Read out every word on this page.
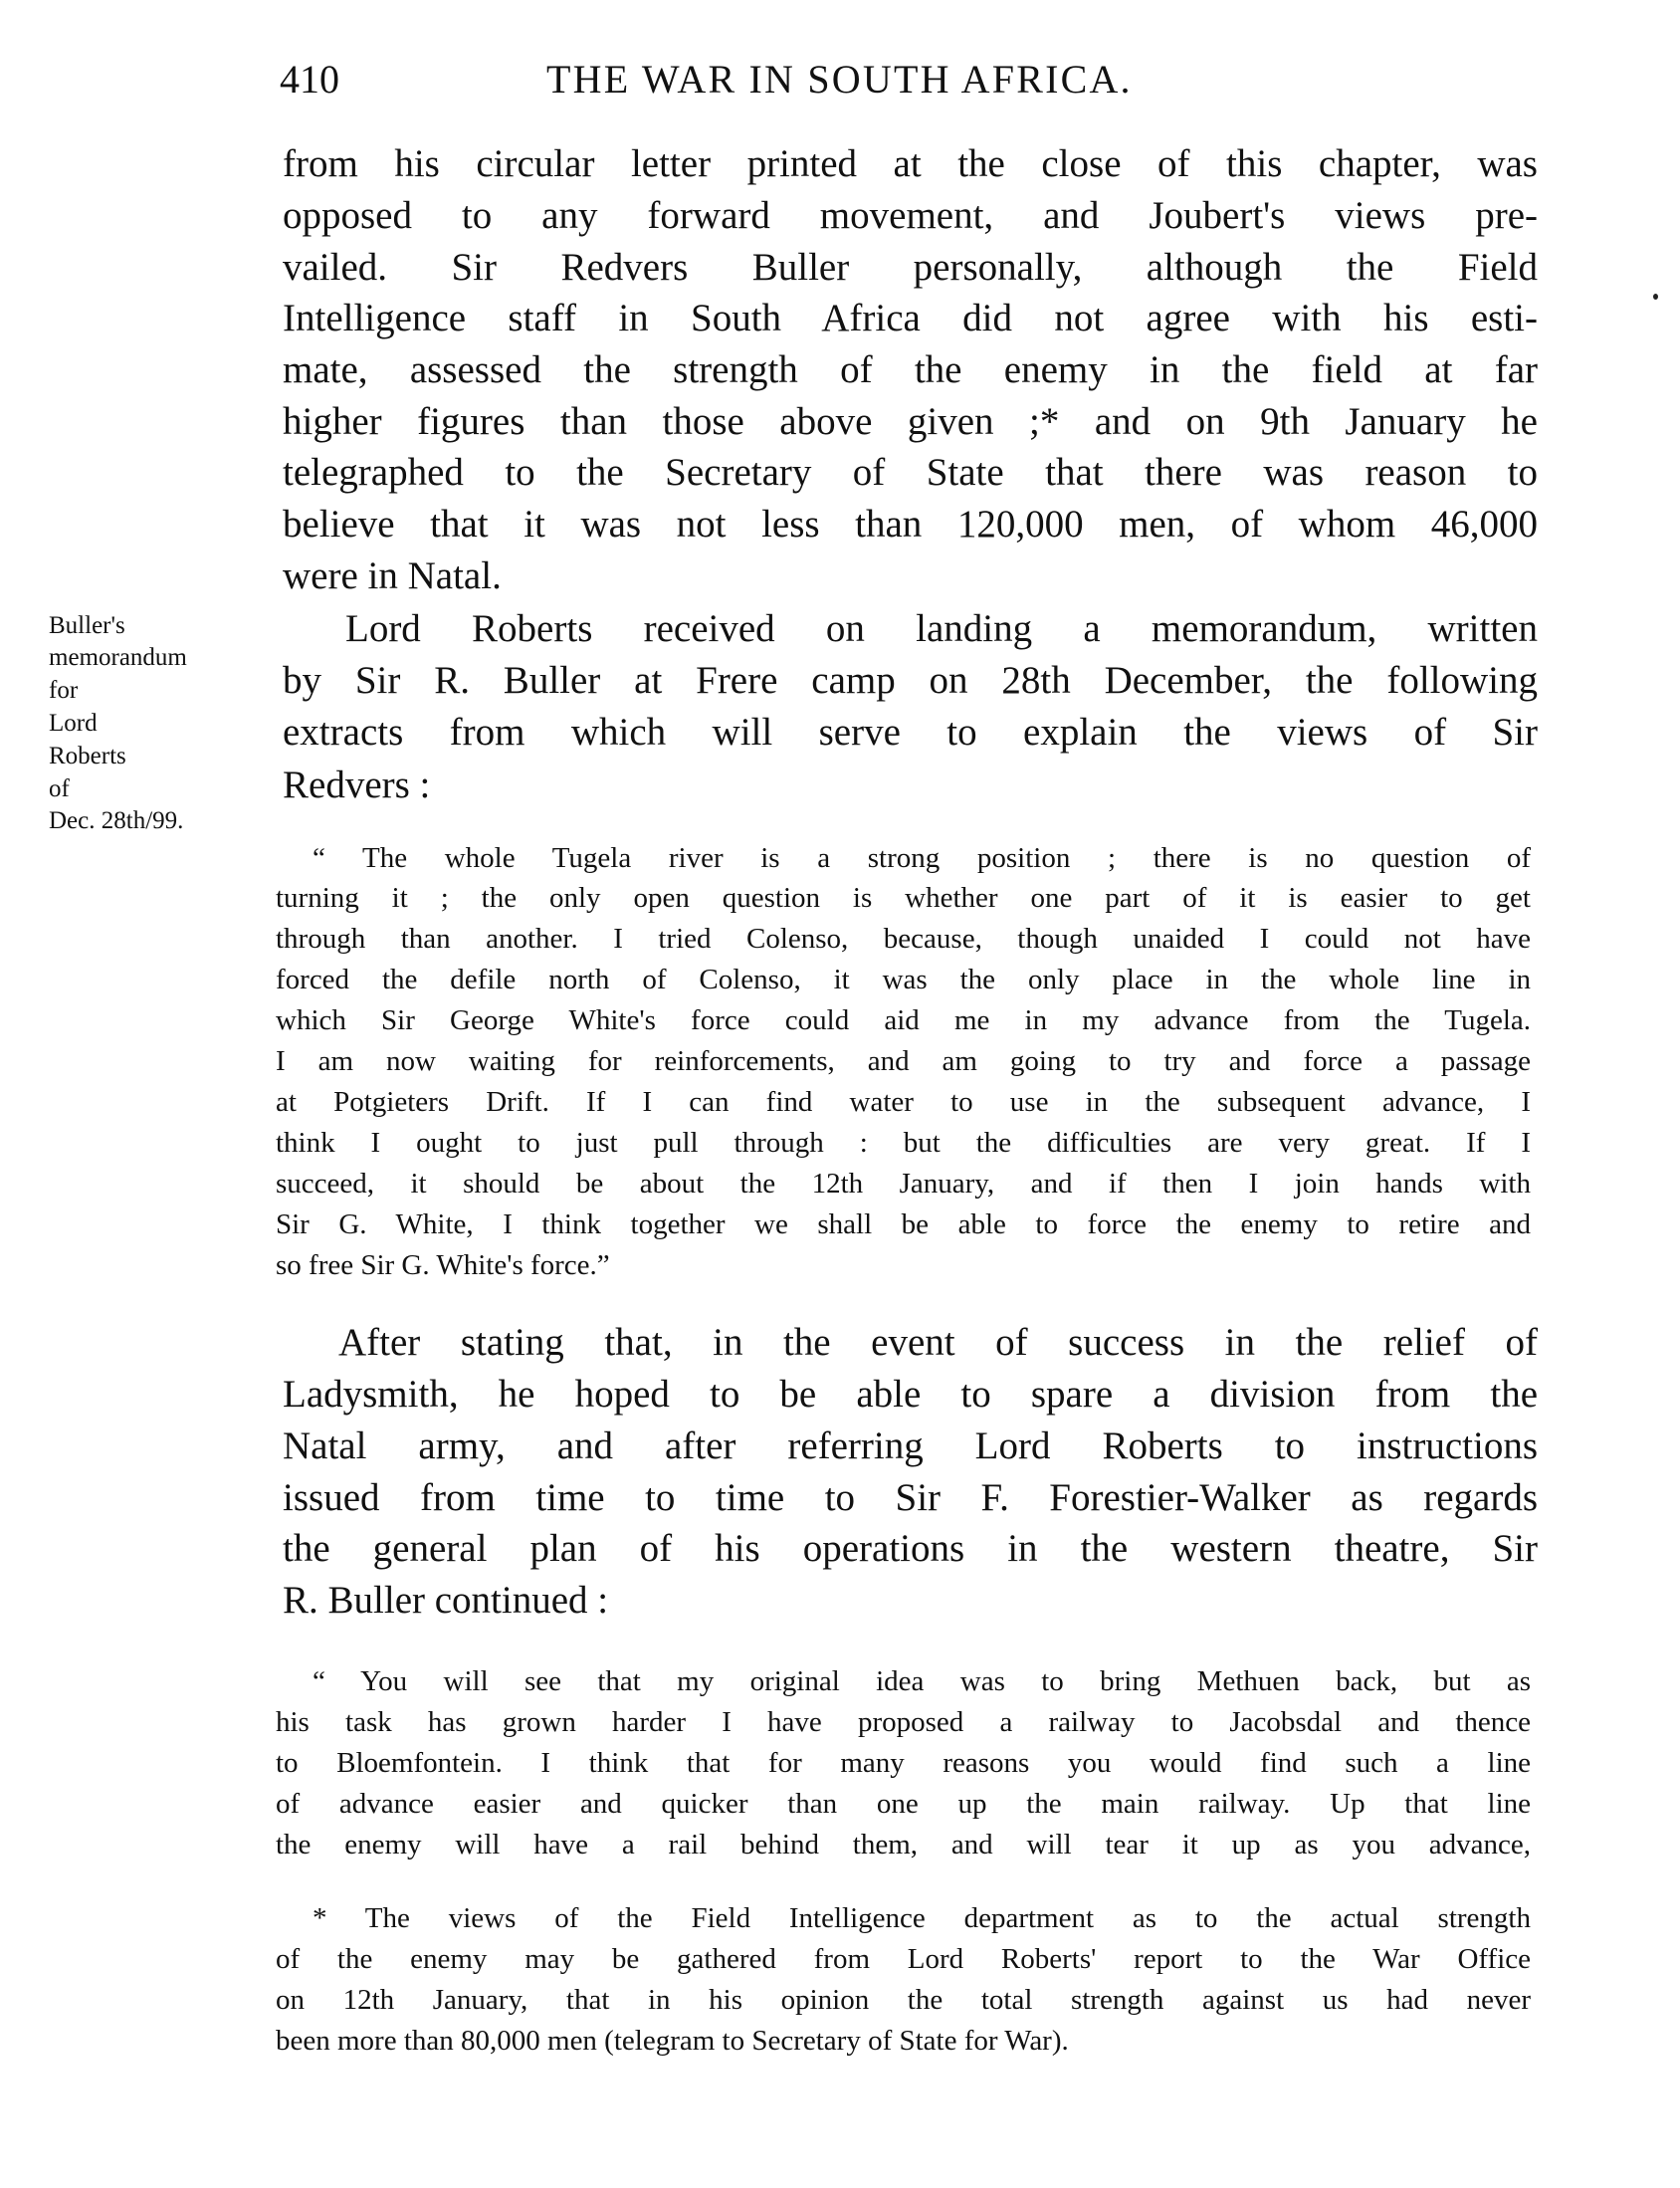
410	THE WAR IN SOUTH AFRICA.
Buller's
memorandum
for
Lord
Roberts
of
Dec. 28th/99.
from his circular letter printed at the close of this chapter, was
opposed to any forward movement, and Joubert's views pre-
vailed. Sir Redvers Buller personally, although the Field
Intelligence staff in South Africa did not agree with his esti-
mate, assessed the strength of the enemy in the field at far
higher figures than those above given ;* and on 9th January he
telegraphed to the Secretary of State that there was reason to
believe that it was not less than 120,000 men, of whom 46,000
were in Natal.
Lord Roberts received on landing a memorandum, written
by Sir R. Buller at Frere camp on 28th December, the following
extracts from which will serve to explain the views of Sir
Redvers :
“ The whole Tugela river is a strong position ; there is no question of
turning it ; the only open question is whether one part of it is easier to get
through than another. I tried Colenso, because, though unaided I could not have
forced the defile north of Colenso, it was the only place in the whole line in
which Sir George White's force could aid me in my advance from the Tugela.
I am now waiting for reinforcements, and am going to try and force a passage
at Potgieters Drift. If I can find water to use in the subsequent advance, I
think I ought to just pull through : but the difficulties are very great. If I
succeed, it should be about the 12th January, and if then I join hands with
Sir G. White, I think together we shall be able to force the enemy to retire and
so free Sir G. White's force.”
After stating that, in the event of success in the relief of
Ladysmith, he hoped to be able to spare a division from the
Natal army, and after referring Lord Roberts to instructions
issued from time to time to Sir F. Forestier-Walker as regards
the general plan of his operations in the western theatre, Sir
R. Buller continued :
“ You will see that my original idea was to bring Methuen back, but as
his task has grown harder I have proposed a railway to Jacobsdal and thence
to Bloemfontein. I think that for many reasons you would find such a line
of advance easier and quicker than one up the main railway. Up that line
the enemy will have a rail behind them, and will tear it up as you advance,
* The views of the Field Intelligence department as to the actual strength
of the enemy may be gathered from Lord Roberts' report to the War Office
on 12th January, that in his opinion the total strength against us had never
been more than 80,000 men (telegram to Secretary of State for War).
